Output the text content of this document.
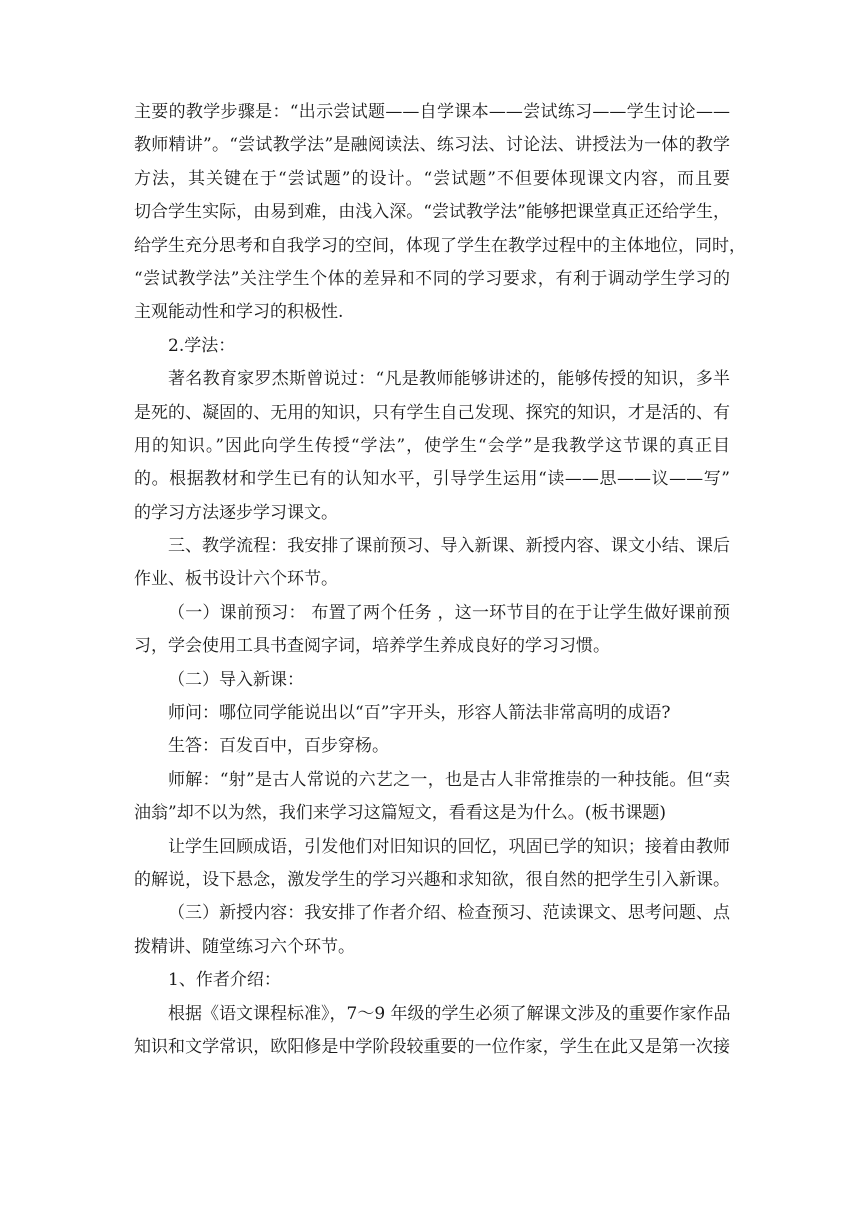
主要的教学步骤是：“出示尝试题——自学课本——尝试练习——学生讨论——
教师精讲”。“尝试教学法”是融阅读法、练习法、讨论法、讲授法为一体的教学
方法，其关键在于“尝试题”的设计。“尝试题”不但要体现课文内容，而且要
切合学生实际，由易到难，由浅入深。“尝试教学法”能够把课堂真正还给学生，
给学生充分思考和自我学习的空间，体现了学生在教学过程中的主体地位，同时，
“尝试教学法”关注学生个体的差异和不同的学习要求，有利于调动学生学习的
主观能动性和学习的积极性.
2.学法：
著名教育家罗杰斯曾说过：“凡是教师能够讲述的，能够传授的知识，多半
是死的、凝固的、无用的知识，只有学生自己发现、探究的知识，才是活的、有
用的知识。”因此向学生传授“学法”，使学生“会学”是我教学这节课的真正目
的。根据教材和学生已有的认知水平，引导学生运用“读——思——议——写”
的学习方法逐步学习课文。
三、教学流程：我安排了课前预习、导入新课、新授内容、课文小结、课后
作业、板书设计六个环节。
（一）课前预习： 布置了两个任务 ，这一环节目的在于让学生做好课前预
习，学会使用工具书查阅字词，培养学生养成良好的学习习惯。
（二）导入新课：
师问：哪位同学能说出以“百”字开头，形容人箭法非常高明的成语?
生答：百发百中，百步穿杨。
师解：“射”是古人常说的六艺之一，也是古人非常推崇的一种技能。但“卖
油翁”却不以为然，我们来学习这篇短文，看看这是为什么。(板书课题)
让学生回顾成语，引发他们对旧知识的回忆，巩固已学的知识；接着由教师
的解说，设下悬念，激发学生的学习兴趣和求知欲，很自然的把学生引入新课。
（三）新授内容：我安排了作者介绍、检查预习、范读课文、思考问题、点
拨精讲、随堂练习六个环节。
1、作者介绍：
根据《语文课程标准》，7～9 年级的学生必须了解课文涉及的重要作家作品
知识和文学常识，欧阳修是中学阶段较重要的一位作家，学生在此又是第一次接
